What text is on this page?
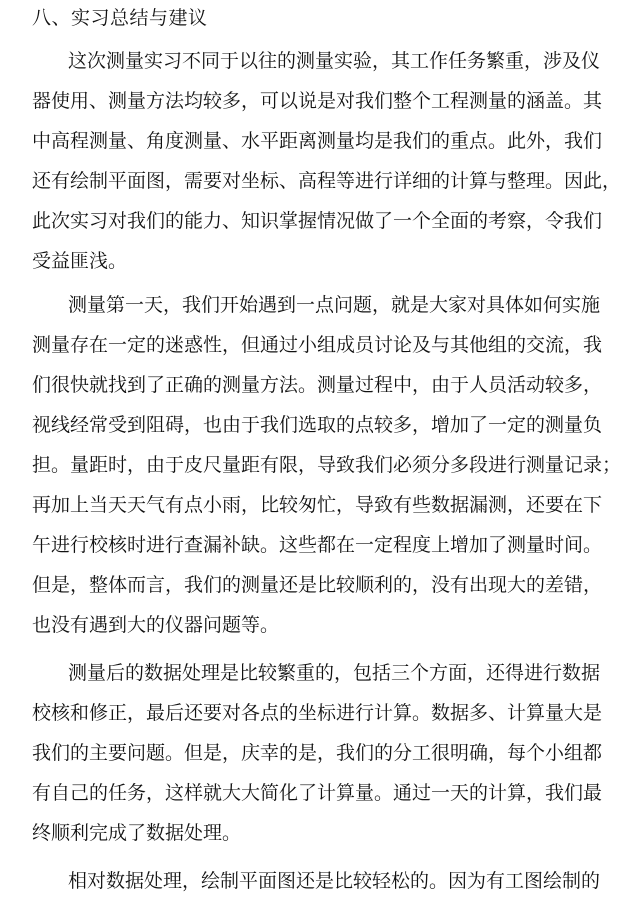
八、实习总结与建议
这次测量实习不同于以往的测量实验，其工作任务繁重，涉及仪
器使用、测量方法均较多，可以说是对我们整个工程测量的涵盖。其
中高程测量、角度测量、水平距离测量均是我们的重点。此外，我们
还有绘制平面图，需要对坐标、高程等进行详细的计算与整理。因此，
此次实习对我们的能力、知识掌握情况做了一个全面的考察，令我们
受益匪浅。
测量第一天，我们开始遇到一点问题，就是大家对具体如何实施
测量存在一定的迷惑性，但通过小组成员讨论及与其他组的交流，我
们很快就找到了正确的测量方法。测量过程中，由于人员活动较多，
视线经常受到阻碍，也由于我们选取的点较多，增加了一定的测量负
担。量距时，由于皮尺量距有限，导致我们必须分多段进行测量记录；
再加上当天天气有点小雨，比较匆忙，导致有些数据漏测，还要在下
午进行校核时进行查漏补缺。这些都在一定程度上增加了测量时间。
但是，整体而言，我们的测量还是比较顺利的，没有出现大的差错，
也没有遇到大的仪器问题等。
测量后的数据处理是比较繁重的，包括三个方面，还得进行数据
校核和修正，最后还要对各点的坐标进行计算。数据多、计算量大是
我们的主要问题。但是，庆幸的是，我们的分工很明确，每个小组都
有自己的任务，这样就大大简化了计算量。通过一天的计算，我们最
终顺利完成了数据处理。
相对数据处理，绘制平面图还是比较轻松的。因为有工图绘制的
